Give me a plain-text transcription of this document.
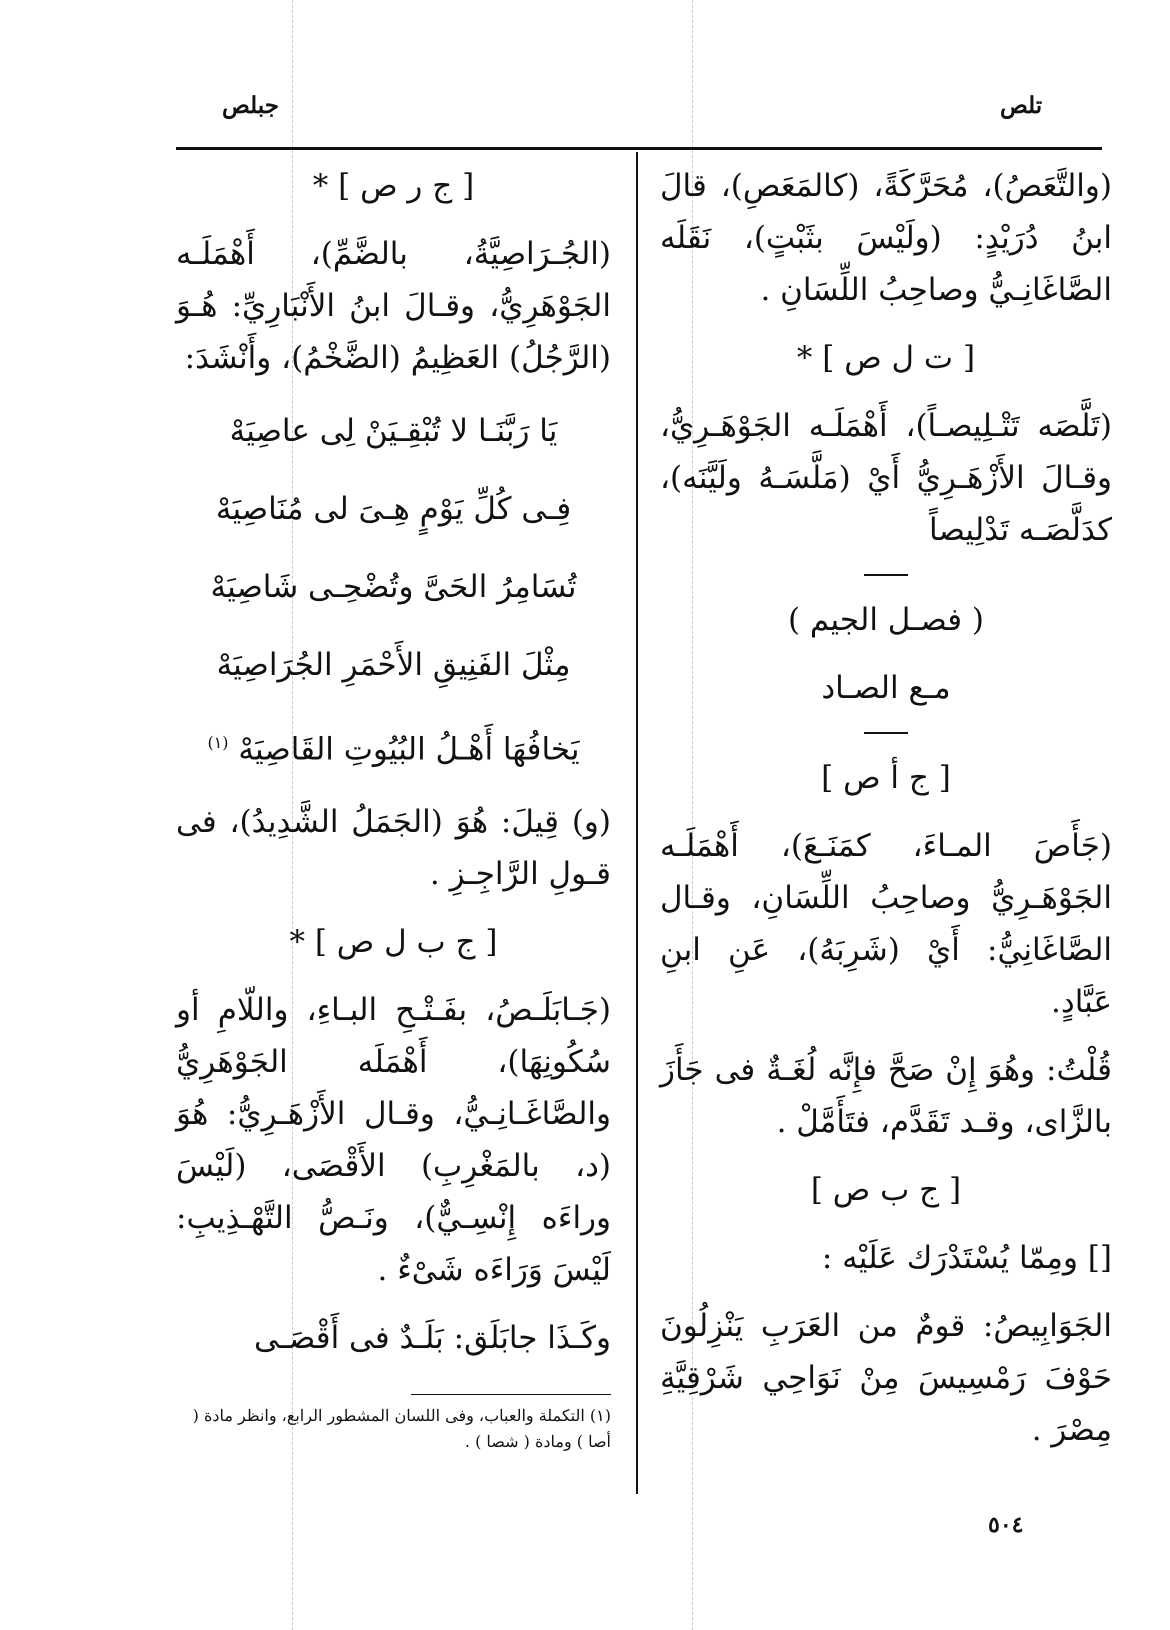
تلص
جبلص

(والتَّعَصُ)، مُحَرَّكَةً، (كالمَعَصِ)، قالَ ابنُ دُرَيْدٍ: (ولَيْسَ بثَبْتٍ)، نَقَلَه الصَّاغَانِـيُّ وصاحِبُ اللِّسَانِ .

[ ت ل ص ] *

(تَلَّصَه تَتْـلِيصـاً)، أَهْمَلَـه الجَوْهَـرِيُّ، وقـالَ الأَزْهَـرِيُّ أَيْ (مَلَّسَـهُ ولَيَّنَه)، كدَلَّصَـه تَدْلِيصاً

( فصـل الجيم )

مـع الصـاد

[ ج أ ص ]

(جَأَصَ المـاءَ، كمَنَـعَ)، أَهْمَلَـه الجَوْهَـرِيُّ وصاحِبُ اللِّسَانِ، وقـال الصَّاغَانِيُّ: أَيْ (شَرِبَهُ)، عَنِ ابنِ عَبَّادٍ.

قُلْتُ: وهُوَ إِنْ صَحَّ فإِنَّه لُغَـةٌ فى جَأَزَ بالزَّاى، وقـد تَقَدَّم، فتَأَمَّلْ .

[ ج ب ص ]

[] ومِمّا يُسْتَدْرَك عَلَيْه :

الجَوَابِيصُ: قومٌ من العَرَبِ يَنْزِلُونَ حَوْفَ رَمْسِيسَ مِنْ نَوَاحِي شَرْقِيَّةِ مِصْرَ .

[ ج ر ص ] *

(الجُـرَاصِيَّةُ، بالضَّمِّ)، أَهْمَلَـه الجَوْهَرِيُّ، وقـالَ ابنُ الأَنْبَارِيِّ: هُـوَ (الرَّجُلُ) العَظِيمُ (الضَّخْمُ)، وأَنْشَدَ:

يَا رَبَّنَـا لا تُبْقِـيَنْ لِى عاصِيَهْ

فِـى كُلِّ يَوْمٍ هِـىَ لى مُنَاصِيَهْ

تُسَامِرُ الحَىَّ وتُضْحِـى شَاصِيَهْ

مِثْلَ الفَنِيقِ الأَحْمَرِ الجُرَاصِيَهْ

يَخافُهَا أَهْـلُ البُيُوتِ القَاصِيَهْ $^{(١)}$

(و) قِيلَ: هُوَ (الجَمَلُ الشَّدِيدُ)، فى قـولِ الرَّاجِـزِ .

[ ج ب ل ص ] *

(جَـابَلَـصُ، بفَـتْـحِ البـاءِ، واللّامِ أو سُكُونِهَا)، أَهْمَلَه الجَوْهَرِيُّ والصَّاغَـانِـيُّ، وقـال الأَزْهَـرِيُّ: هُوَ (د، بالمَغْرِبِ) الأَقْصَى، (لَيْسَ وراءَه إِنْسِـيٌّ)، ونَـصُّ التَّهْـذِيبِ: لَيْسَ وَرَاءَه شَىْءٌ .

وكَـذَا جابَلَق: بَلَـدٌ فى أَقْصَـى

(١) التكملة والعباب، وفى اللسان المشطور الرابع، وانظر مادة ( أصا ) ومادة ( شصا ) .

٥٠٤
